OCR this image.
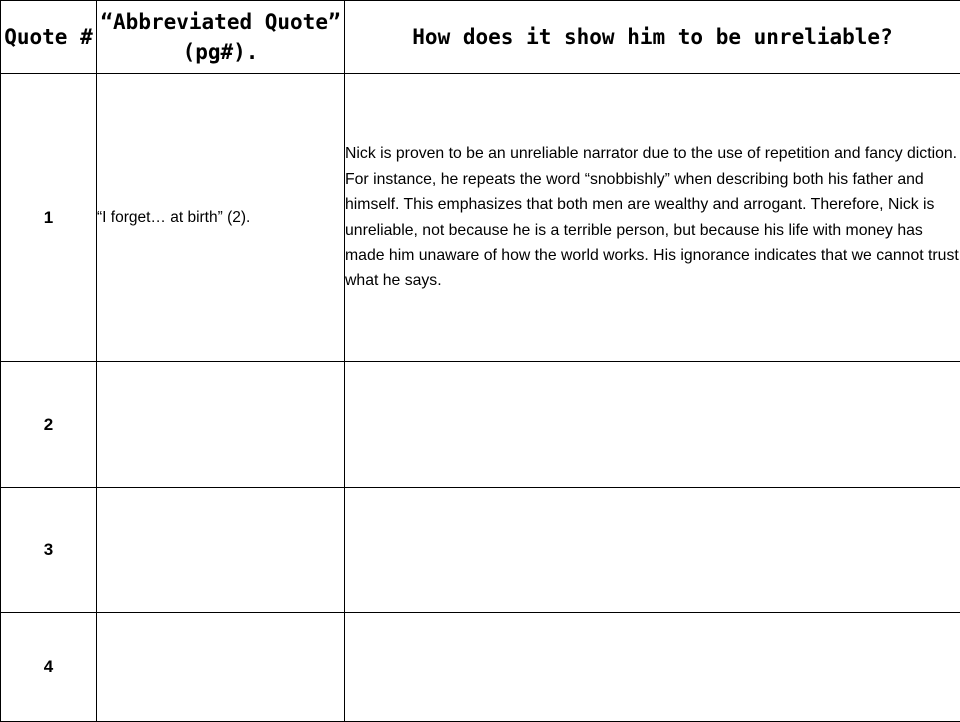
Quote #	“Abbreviated Quote” (pg#).	How does it show him to be unreliable?
1	“I forget… at birth” (2).	Nick is proven to be an unreliable narrator due to the use of repetition and fancy diction. For instance, he repeats the word “snobbishly” when describing both his father and himself. This emphasizes that both men are wealthy and arrogant. Therefore, Nick is unreliable, not because he is a terrible person, but because his life with money has made him unaware of how the world works. His ignorance indicates that we cannot trust what he says.
2		
3		
4		
